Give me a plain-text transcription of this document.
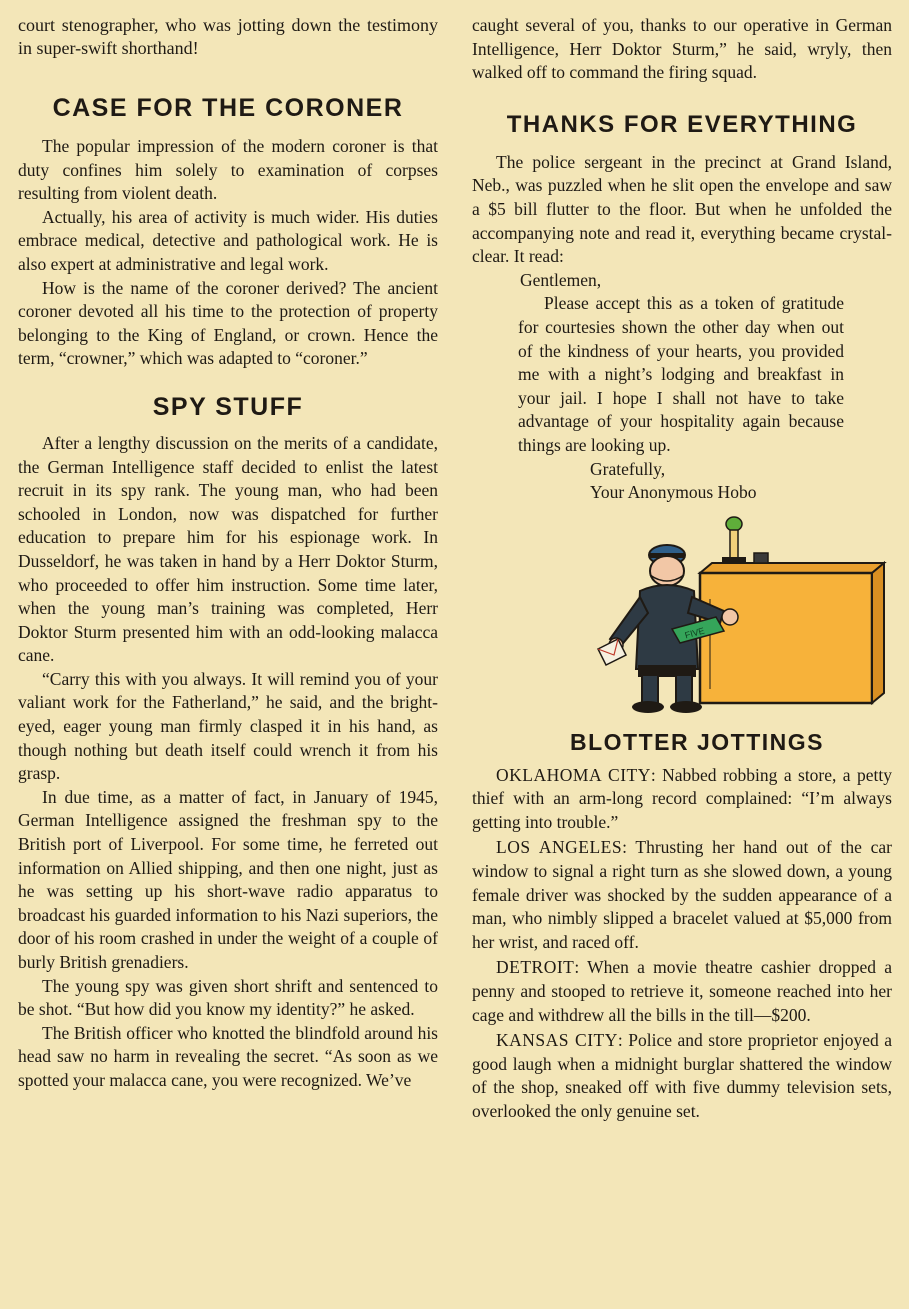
court stenographer, who was jotting down the testimony in super-swift shorthand!

CASE FOR THE CORONER

The popular impression of the modern coroner is that duty confines him solely to examination of corpses resulting from violent death.

Actually, his area of activity is much wider. His duties embrace medical, detective and pathological work. He is also expert at administrative and legal work.

How is the name of the coroner derived? The ancient coroner devoted all his time to the protection of property belonging to the King of England, or crown. Hence the term, “crowner,” which was adapted to “coroner.”

SPY STUFF

After a lengthy discussion on the merits of a candidate, the German Intelligence staff decided to enlist the latest recruit in its spy rank. The young man, who had been schooled in London, now was dispatched for further education to prepare him for his espionage work. In Dusseldorf, he was taken in hand by a Herr Doktor Sturm, who proceeded to offer him instruction. Some time later, when the young man’s training was completed, Herr Doktor Sturm presented him with an odd-looking malacca cane.

“Carry this with you always. It will remind you of your valiant work for the Fatherland,” he said, and the bright-eyed, eager young man firmly clasped it in his hand, as though nothing but death itself could wrench it from his grasp.

In due time, as a matter of fact, in January of 1945, German Intelligence assigned the freshman spy to the British port of Liverpool. For some time, he ferreted out information on Allied shipping, and then one night, just as he was setting up his short-wave radio apparatus to broadcast his guarded information to his Nazi superiors, the door of his room crashed in under the weight of a couple of burly British grenadiers.

The young spy was given short shrift and sentenced to be shot. “But how did you know my identity?” he asked.

The British officer who knotted the blindfold around his head saw no harm in revealing the secret. “As soon as we spotted your malacca cane, you were recognized. We’ve

caught several of you, thanks to our operative in German Intelligence, Herr Doktor Sturm,” he said, wryly, then walked off to command the firing squad.

THANKS FOR EVERYTHING

The police sergeant in the precinct at Grand Island, Neb., was puzzled when he slit open the envelope and saw a $5 bill flutter to the floor. But when he unfolded the accompanying note and read it, everything became crystal-clear. It read:

Gentlemen,

Please accept this as a token of gratitude for courtesies shown the other day when out of the kindness of your hearts, you provided me with a night’s lodging and breakfast in your jail. I hope I shall not have to take advantage of your hospitality again because things are looking up.

Gratefully,

Your Anonymous Hobo

FIVE
BLOTTER JOTTINGS

OKLAHOMA CITY: Nabbed robbing a store, a petty thief with an arm-long record complained: “I’m always getting into trouble.”

LOS ANGELES: Thrusting her hand out of the car window to signal a right turn as she slowed down, a young female driver was shocked by the sudden appearance of a man, who nimbly slipped a bracelet valued at $5,000 from her wrist, and raced off.

DETROIT: When a movie theatre cashier dropped a penny and stooped to retrieve it, someone reached into her cage and withdrew all the bills in the till—$200.

KANSAS CITY: Police and store proprietor enjoyed a good laugh when a midnight burglar shattered the window of the shop, sneaked off with five dummy television sets, overlooked the only genuine set.
